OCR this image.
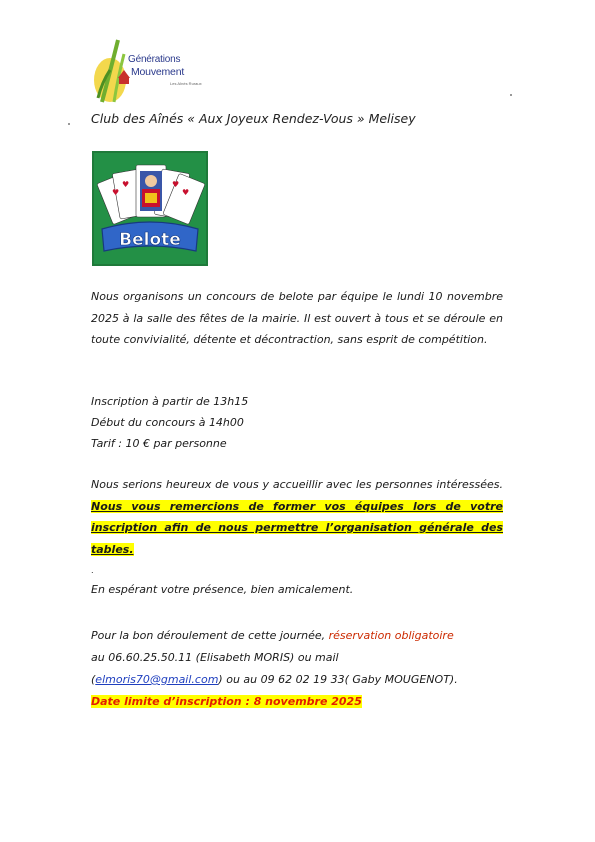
Générations
Mouvement
Les Aînés Ruraux
Club des Aînés « Aux Joyeux Rendez-Vous » Melisey
♥
♥	♥
♥
Belote

Nous organisons un concours de belote par équipe le lundi 10 novembre 2025 à la salle des fêtes de la mairie. Il est ouvert à tous et se déroule en toute convivialité, détente et décontraction, sans esprit de compétition.

Inscription à partir de 13h15
Début du concours à 14h00
Tarif : 10 € par personne

Nous serions heureux de vous y accueillir avec les personnes intéressées. Nous vous remercions de former vos équipes lors de votre inscription afin de nous permettre l’organisation générale des tables.

.
En espérant votre présence, bien amicalement.
Pour la bon déroulement de cette journée, réservation obligatoire
au 06.60.25.50.11 (Elisabeth MORIS) ou mail
(elmoris70@gmail.com) ou au 09 62 02 19 33( Gaby MOUGENOT).
Date limite d’inscription : 8 novembre 2025
